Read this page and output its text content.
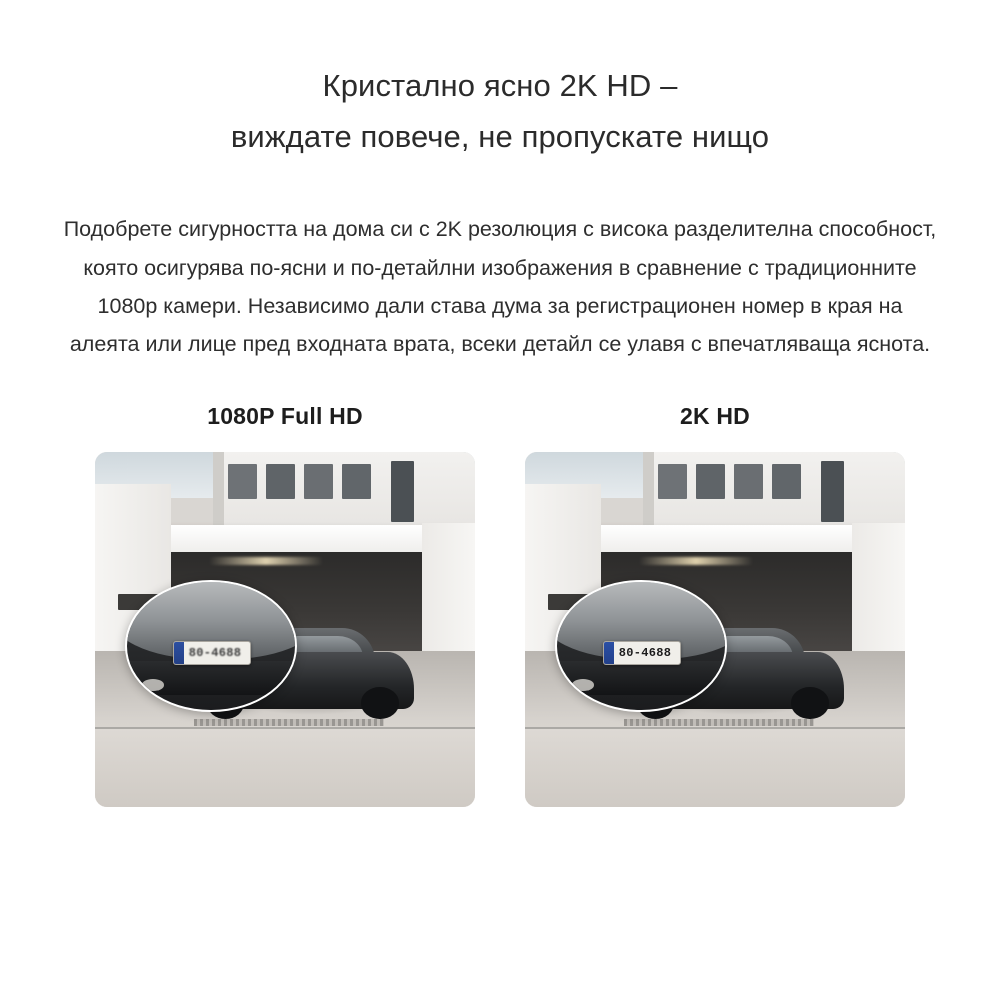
Кристално ясно 2K HD –
виждате повече, не пропускате нищо

Подобрете сигурността на дома си с 2K резолюция с висока разделителна способност, която осигурява по-ясни и по-детайлни изображения в сравнение с традиционните 1080p камери. Независимо дали става дума за регистрационен номер в края на алеята или лице пред входната врата, всеки детайл се улавя с впечатляваща яснота.

1080P Full HD
80-4688
2K HD
80-4688
